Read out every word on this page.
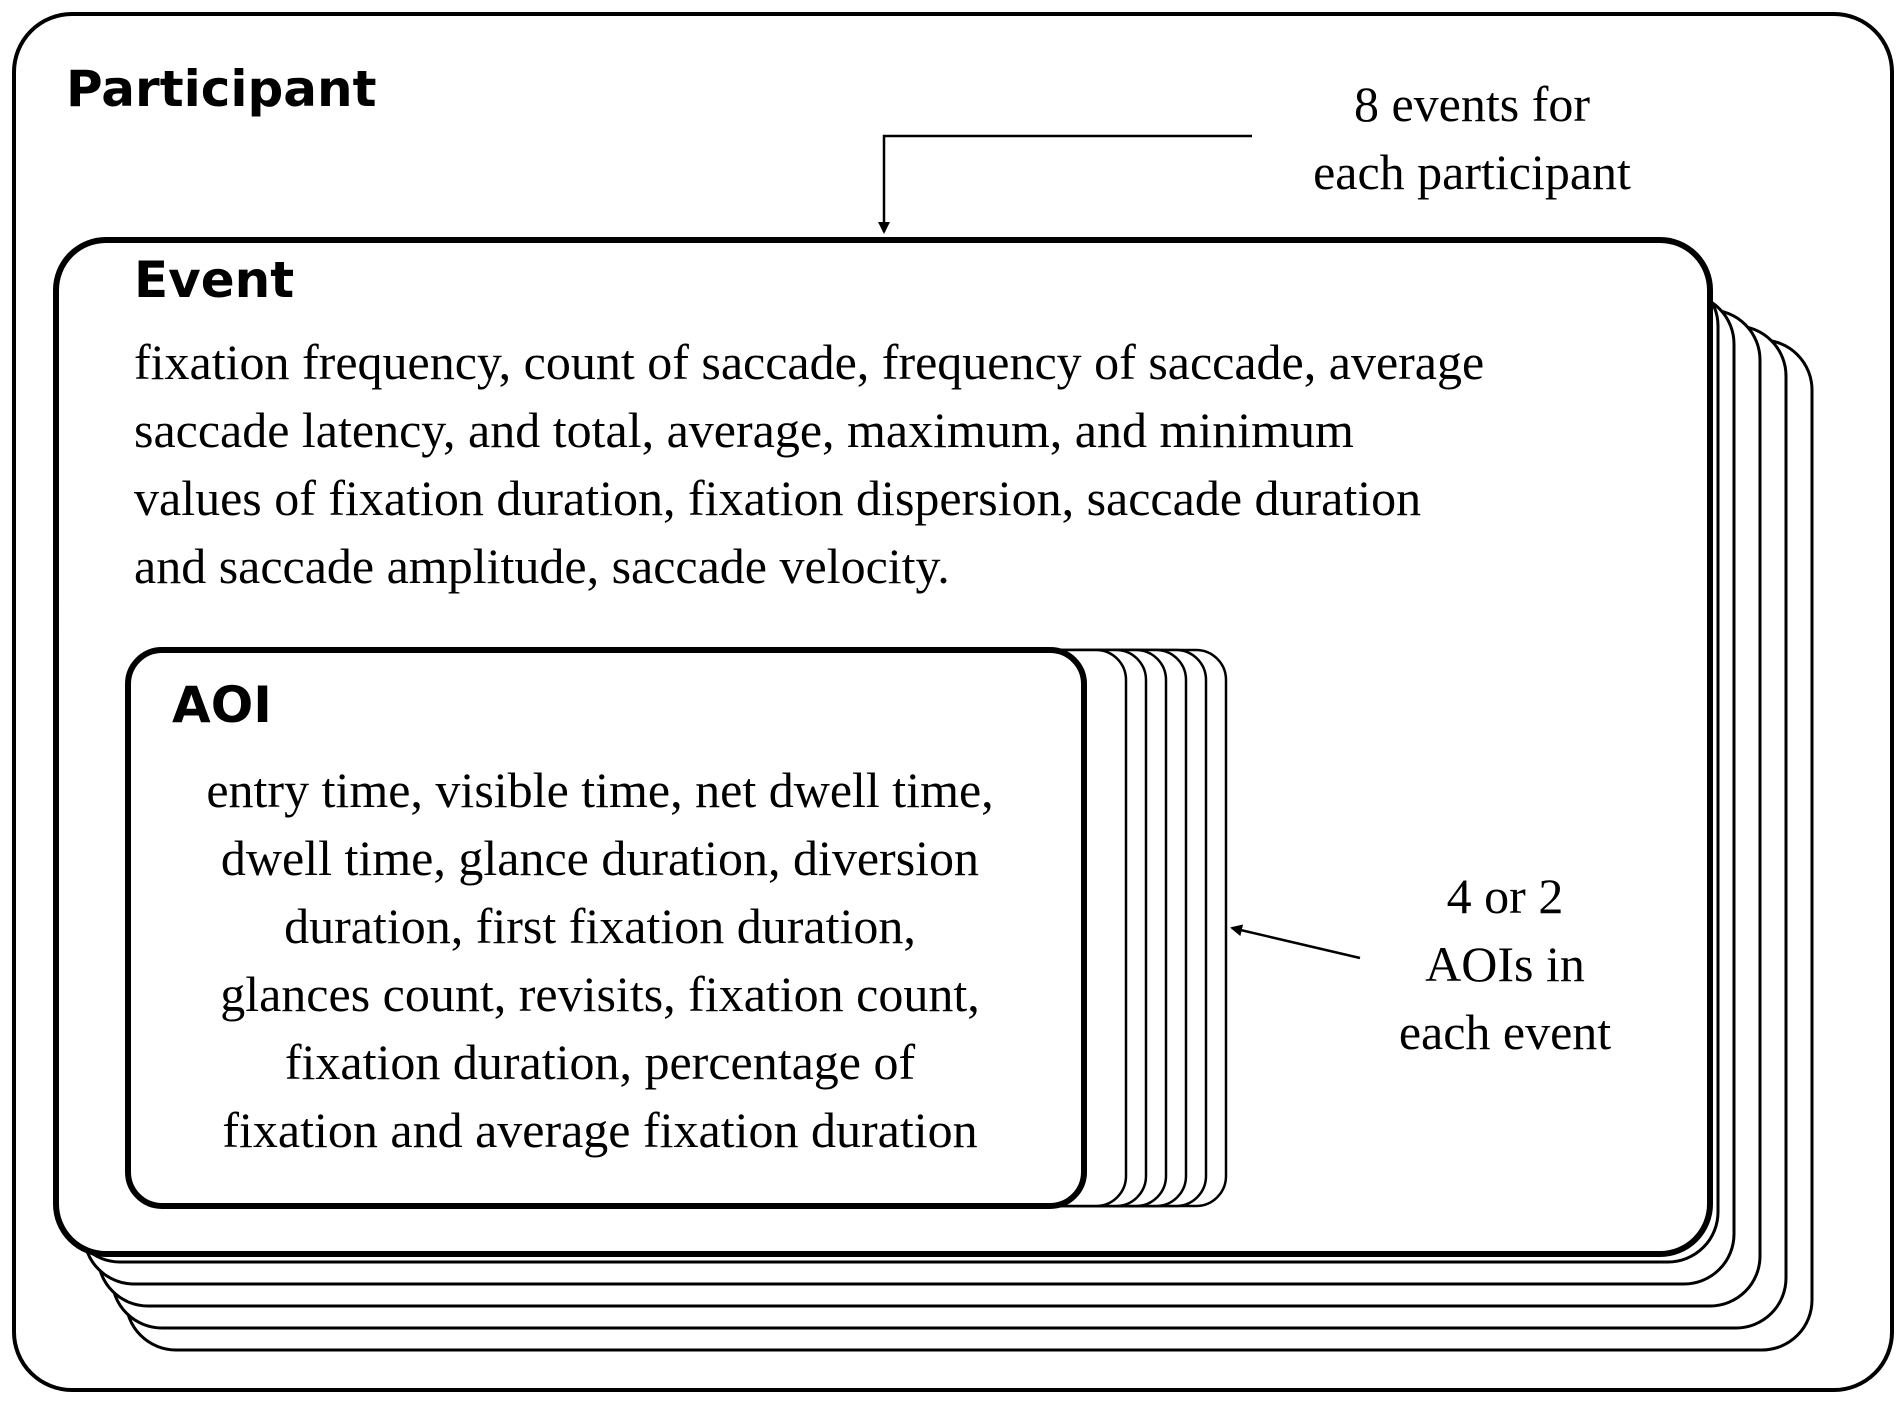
Participant
Event
fixation frequency, count of saccade, frequency of saccade, average
saccade latency, and total, average, maximum, and minimum
values of fixation duration, fixation dispersion, saccade duration
and saccade amplitude, saccade velocity.
AOI
entry time, visible time, net dwell time,
dwell time, glance duration, diversion
duration, first fixation duration,
glances count, revisits, fixation count,
fixation duration, percentage of
fixation and average fixation duration
8 events for
each participant
4 or 2
AOIs in
each event
